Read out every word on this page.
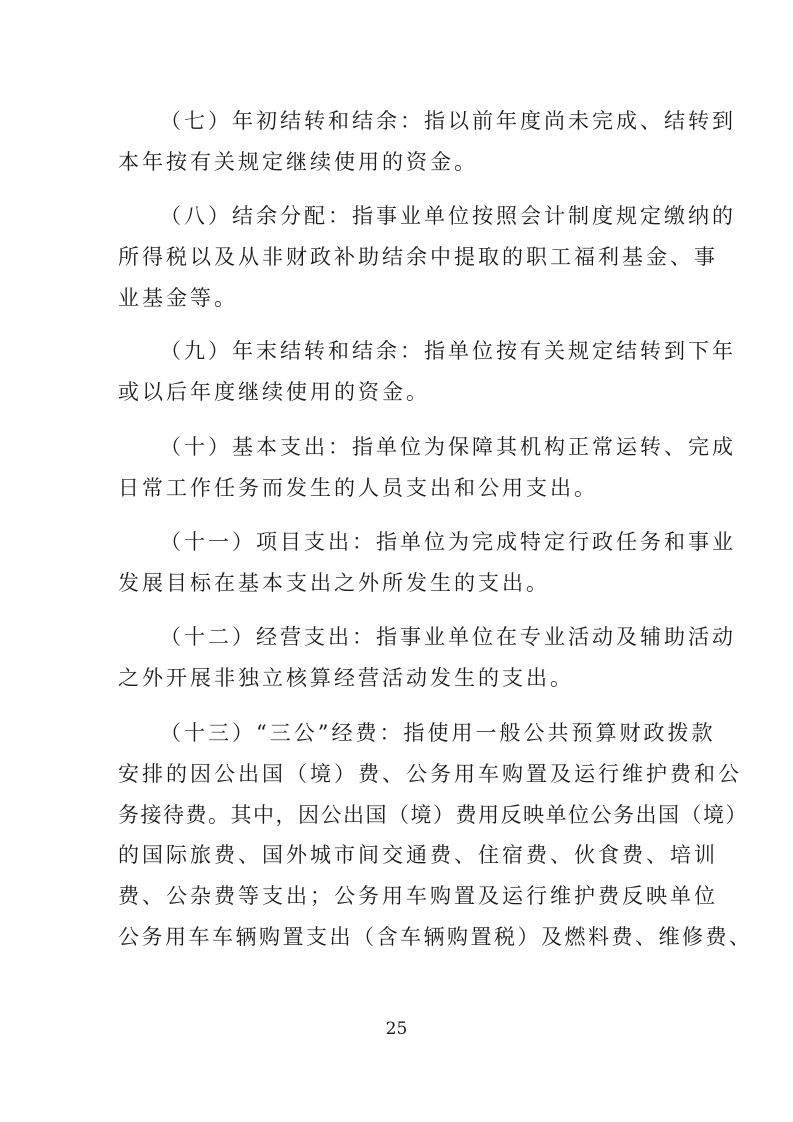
（七）年初结转和结余：指以前年度尚未完成、结转到
本年按有关规定继续使用的资金。
（八）结余分配：指事业单位按照会计制度规定缴纳的
所得税以及从非财政补助结余中提取的职工福利基金、事
业基金等。
（九）年末结转和结余：指单位按有关规定结转到下年
或以后年度继续使用的资金。
（十）基本支出：指单位为保障其机构正常运转、完成
日常工作任务而发生的人员支出和公用支出。
（十一）项目支出：指单位为完成特定行政任务和事业
发展目标在基本支出之外所发生的支出。
（十二）经营支出：指事业单位在专业活动及辅助活动
之外开展非独立核算经营活动发生的支出。
（十三）“三公”经费：指使用一般公共预算财政拨款
安排的因公出国（境）费、公务用车购置及运行维护费和公
务接待费。其中，因公出国（境）费用反映单位公务出国（境）
的国际旅费、国外城市间交通费、住宿费、伙食费、培训
费、公杂费等支出；公务用车购置及运行维护费反映单位
公务用车车辆购置支出（含车辆购置税）及燃料费、维修费、
25
